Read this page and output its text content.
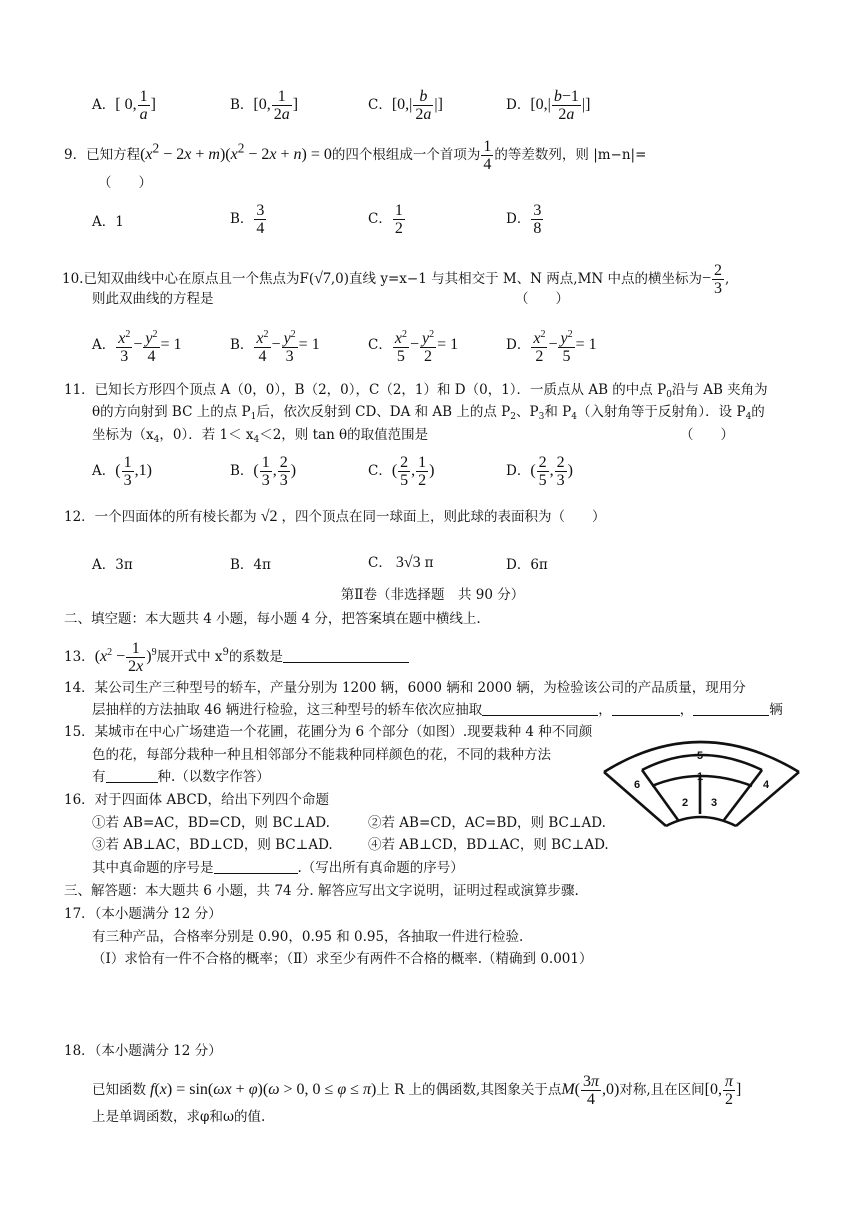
A．[ 0, $\frac{1}{a}$ ]	B．[0, $\frac{1}{2a}$ ]	C．[$0,| \frac{b}{2a}$ |]	D．[$0,| \frac{b-1}{2a}$ |]
9．已知方程$(x^2 - 2x + m)(x^2 - 2x + n) = 0$的四个根组成一个首项为 $\frac{1}{4}$ 的等差数列，则 |m−n|=
（　　）
A．1	B． $\frac{3}{4}$	C． $\frac{1}{2}$	D． $\frac{3}{8}$
10.已知双曲线中心在原点且一个焦点为F(√7,0)直线 y=x−1 与其相交于 M、N 两点,MN 中点的横坐标为− $\frac{2}{3}$ ,
则此双曲线的方程是	（　　）
A． $\frac{x^2}{3} - \frac{y^2}{4} = 1$	B． $\frac{x^2}{4} - \frac{y^2}{3} = 1$	C． $\frac{x^2}{5} - \frac{y^2}{2} = 1$	D． $\frac{x^2}{2} - \frac{y^2}{5} = 1$
11．已知长方形四个顶点 A（0，0），B（2，0），C（2，1）和 D（0，1）．一质点从 AB 的中点 $P_0$沿与 AB 夹角为
θ的方向射到 BC 上的点 $P_1$后，依次反射到 CD、DA 和 AB 上的点 $P_2$、$P_3$和 $P_4$（入射角等于反射角）．设 $P_4$的
坐标为（$x_4$，0）．若 $1< x_4<2$，则 tan θ的取值范围是	（　　）
A．( $\frac{1}{3} ,1$)	B．( $\frac{1}{3}$ , $\frac{2}{3}$ )	C．( $\frac{2}{5}$ , $\frac{1}{2}$ )	D．( $\frac{2}{5}$ , $\frac{2}{3}$ )
12．一个四面体的所有棱长都为 √2 ，四个顶点在同一球面上，则此球的表面积为（　　）
A．3π	B．4π	C． 3√3 π	D．6π
第Ⅱ卷（非选择题　共 90 分）
二、填空题：本大题共 4 小题，每小题 4 分，把答案填在题中横线上.
13．$(x^2 - \frac{1}{2x} )^9$展开式中 $x^9$的系数是
14．某公司生产三种型号的轿车，产量分别为 1200 辆，6000 辆和 2000 辆，为检验该公司的产品质量，现用分
层抽样的方法抽取 46 辆进行检验，这三种型号的轿车依次应抽取	，	，	辆
15．某城市在中心广场建造一个花圃，花圃分为 6 个部分（如图）.现要栽种 4 种不同颜
色的花，每部分栽种一种且相邻部分不能栽种同样颜色的花，不同的栽种方法
有	种.（以数字作答）
5
1
6	4
2 3
16．对于四面体 ABCD，给出下列四个命题
①若 AB=AC，BD=CD，则 BC⊥AD.	②若 AB=CD，AC=BD，则 BC⊥AD.
③若 AB⊥AC，BD⊥CD，则 BC⊥AD.	④若 AB⊥CD，BD⊥AC，则 BC⊥AD.
其中真命题的序号是	.（写出所有真命题的序号）
三、解答题：本大题共 6 小题，共 74 分. 解答应写出文字说明，证明过程或演算步骤.
17．（本小题满分 12 分）
有三种产品，合格率分别是 0.90，0.95 和 0.95，各抽取一件进行检验.
（Ⅰ）求恰有一件不合格的概率；（Ⅱ）求至少有两件不合格的概率.（精确到 0.001）
18．（本小题满分 12 分）
已知函数 f(x) = sin(ωx + φ)(ω > 0, 0 ≤ φ ≤ π)上 R 上的偶函数,其图象关于点$M( \frac{3\pi}{4} ,0)$对称,且在区间[0, $\frac{\pi}{2}$ ]
上是单调函数，求φ和ω的值.
